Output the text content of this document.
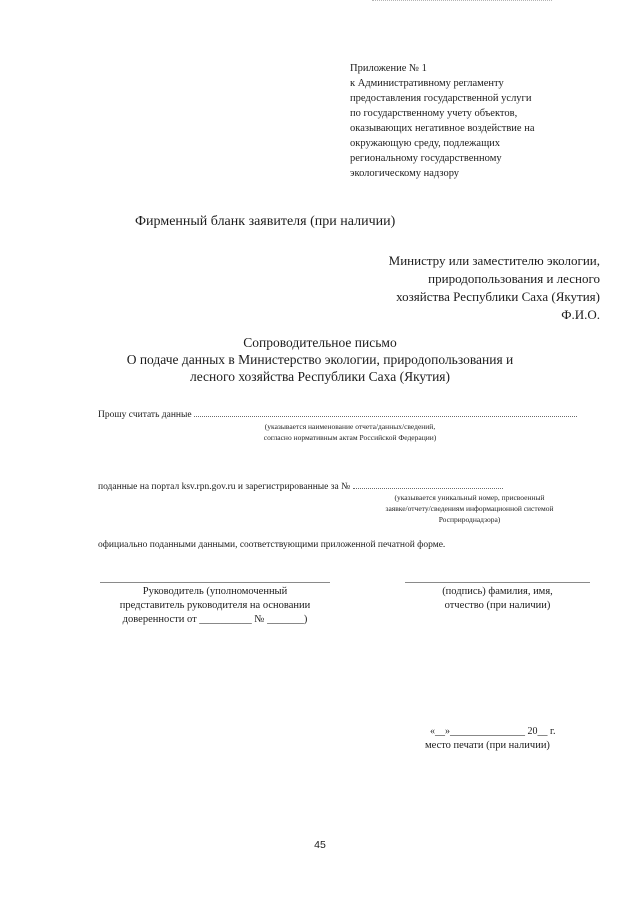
Приложение № 1
к Административному регламенту
предоставления государственной услуги
по государственному учету объектов,
оказывающих негативное воздействие на
окружающую среду, подлежащих
региональному государственному
экологическому надзору
Фирменный бланк заявителя (при наличии)
Министру или заместителю экологии,
природопользования и лесного
хозяйства Республики Саха (Якутия)
Ф.И.О.
Сопроводительное письмо
О подаче данных в Министерство экологии, природопользования и
лесного хозяйства Республики Саха (Якутия)
Прошу считать данные
(указывается наименование отчета/данных/сведений,
согласно нормативным актам Российской Федерации)
поданные на портал ksv.rpn.gov.ru и зарегистрированные за №
(указывается уникальный номер, присвоенный
заявке/отчету/сведениям информационной системой
Росприроднадзора)
официально поданными данными, соответствующими приложенной печатной форме.
Руководитель (уполномоченный
представитель руководителя на основании
доверенности от __________ № _______)
(подпись) фамилия, имя,
отчество (при наличии)
«__»_______________ 20__ г.
место печати (при наличии)
45
